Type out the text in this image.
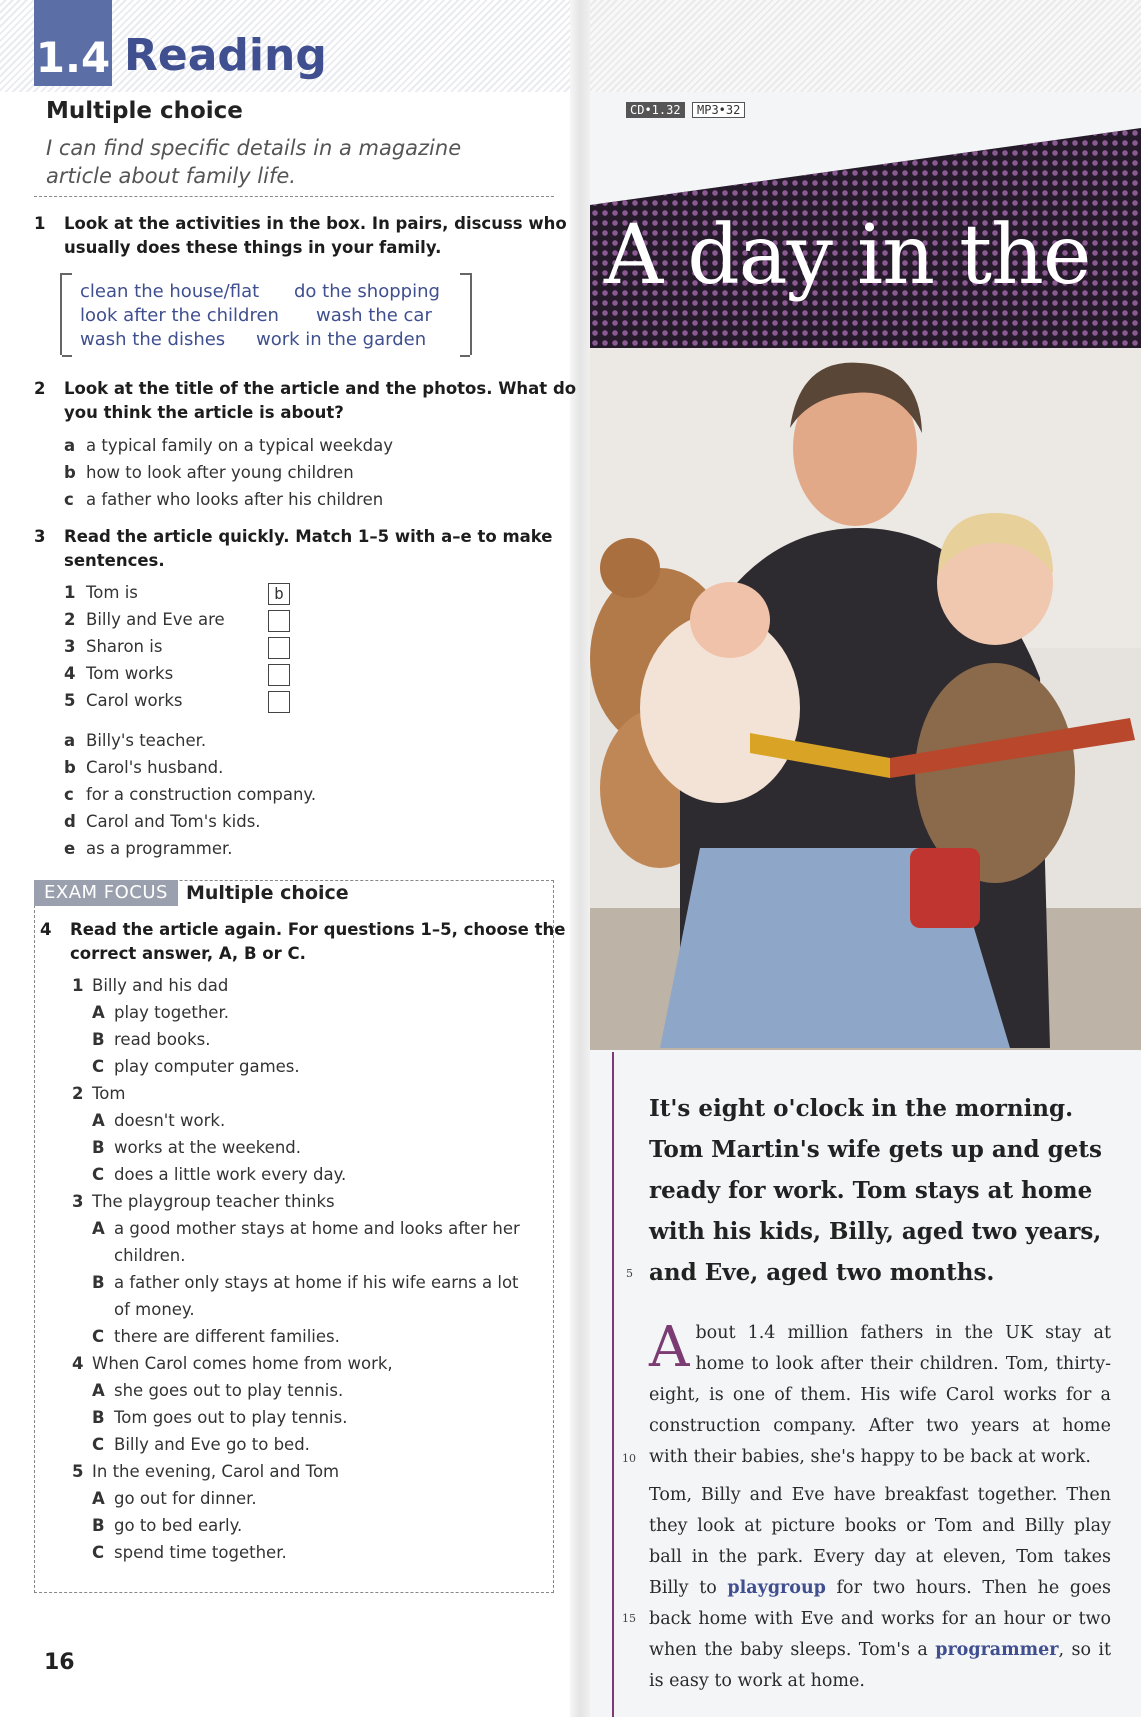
1.4 Reading
Multiple choice
I can find specific details in a magazine article about family life.
1 Look at the activities in the box. In pairs, discuss who usually does these things in your family.
clean the house/flat do the shopping
look after the children wash the car
wash the dishes work in the garden
2 Look at the title of the article and the photos. What do you think the article is about?
a a typical family on a typical weekday
b how to look after young children
c a father who looks after his children
3 Read the article quickly. Match 1–5 with a–e to make sentences.
1 Tom is
2 Billy and Eve are
3 Sharon is
4 Tom works
5 Carol works
b
a Billy's teacher.
b Carol's husband.
c for a construction company.
d Carol and Tom's kids.
e as a programmer.
EXAM FOCUS Multiple choice
4 Read the article again. For questions 1–5, choose the correct answer, A, B or C.
1 Billy and his dad
A play together.
B read books.
C play computer games.
2 Tom
A doesn't work.
B works at the weekend.
C does a little work every day.
3 The playgroup teacher thinks
A a good mother stays at home and looks after her
children.
B a father only stays at home if his wife earns a lot
of money.
C there are different families.
4 When Carol comes home from work,
A she goes out to play tennis.
B Tom goes out to play tennis.
C Billy and Eve go to bed.
5 In the evening, Carol and Tom
A go out for dinner.
B go to bed early.
C spend time together.
16
CD•1.32	MP3•32
A day in the
It's eight o'clock in the morning. Tom Martin's wife gets up and gets ready for work. Tom stays at home with his kids, Billy, aged two years, and Eve, aged two months.
5
10
15
A bout 1.4 million fathers in the UK stay at home to look after their children. Tom, thirty-eight, is one of them. His wife Carol works for a construction company. After two years at home with their babies, she's happy to be back at work.
Tom, Billy and Eve have breakfast together. Then they look at picture books or Tom and Billy play ball in the park. Every day at eleven, Tom takes Billy to playgroup for two hours. Then he goes back home with Eve and works for an hour or two when the baby sleeps. Tom's a programmer, so it is easy to work at home.
